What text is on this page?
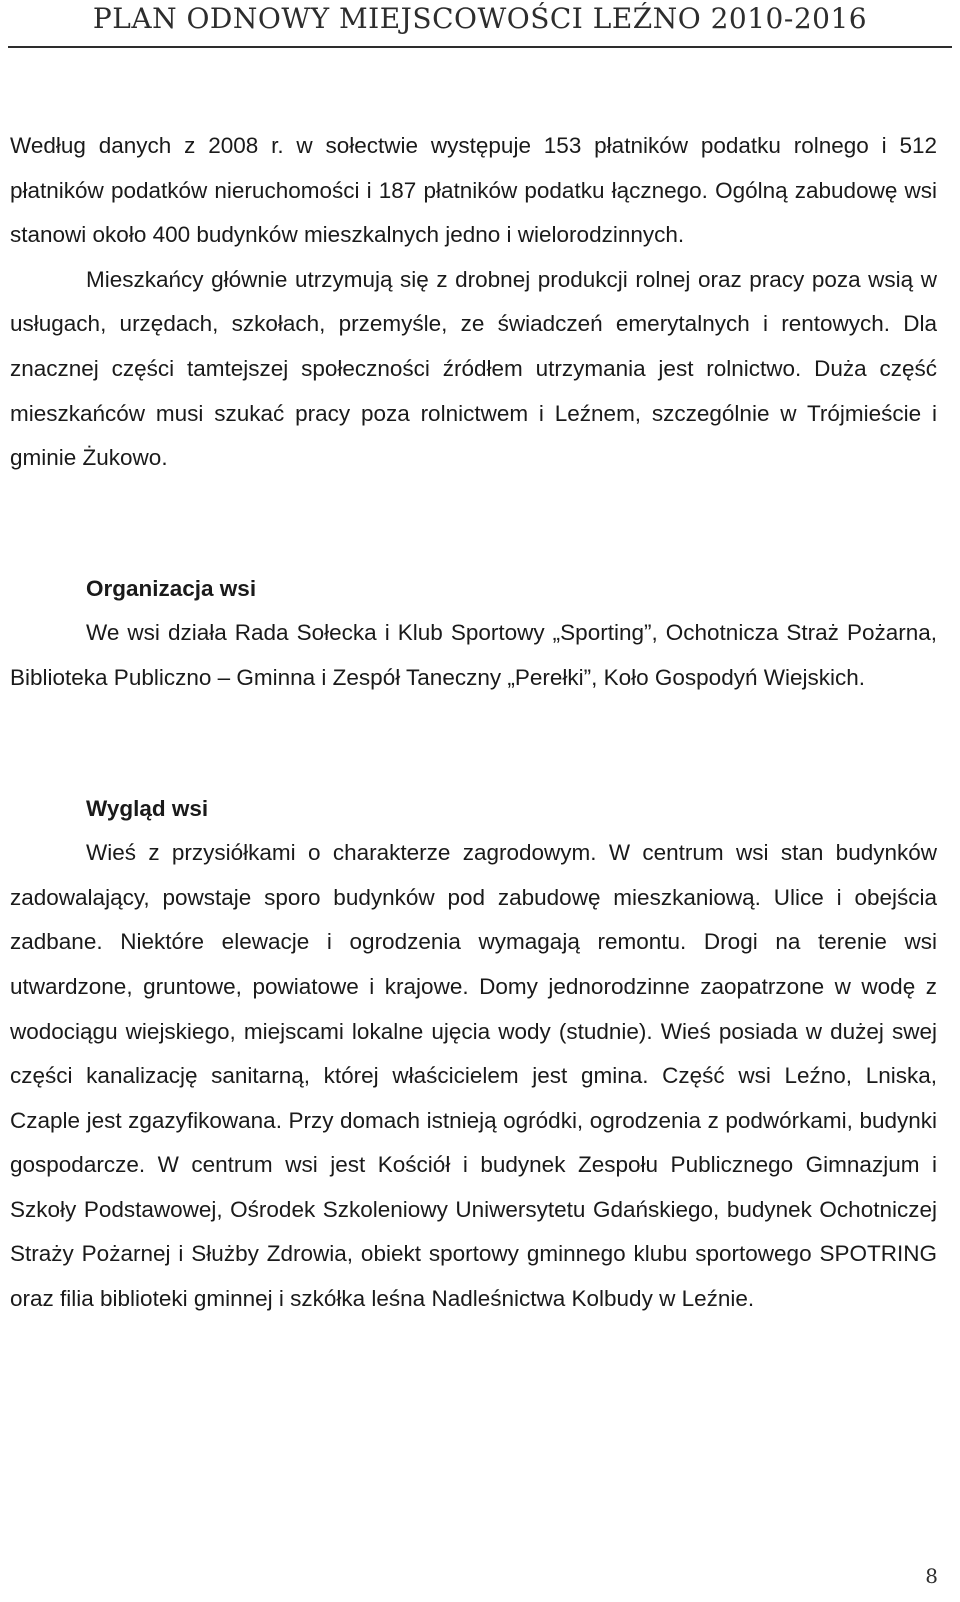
PLAN ODNOWY MIEJSCOWOŚCI LEŹNO 2010-2016

Według danych z 2008 r. w sołectwie występuje 153 płatników podatku rolnego i 512 płatników podatków nieruchomości i 187 płatników podatku łącznego. Ogólną zabudowę wsi stanowi około 400 budynków mieszkalnych jedno i wielorodzinnych.

Mieszkańcy głównie utrzymują się z drobnej produkcji rolnej oraz pracy poza wsią w usługach, urzędach, szkołach, przemyśle, ze świadczeń emerytalnych i rentowych. Dla znacznej części tamtejszej społeczności źródłem utrzymania jest rolnictwo. Duża część mieszkańców musi szukać pracy poza rolnictwem i Leźnem, szczególnie w Trójmieście i gminie Żukowo.

Organizacja wsi

We wsi działa Rada Sołecka i Klub Sportowy „Sporting”, Ochotnicza Straż Pożarna, Biblioteka Publiczno – Gminna i Zespół Taneczny „Perełki”, Koło Gospodyń Wiejskich.

Wygląd wsi

Wieś z przysiółkami o charakterze zagrodowym. W centrum wsi stan budynków zadowalający, powstaje sporo budynków pod zabudowę mieszkaniową. Ulice i obejścia zadbane. Niektóre elewacje i ogrodzenia wymagają remontu. Drogi na terenie wsi utwardzone, gruntowe, powiatowe i krajowe. Domy jednorodzinne zaopatrzone w wodę z wodociągu wiejskiego, miejscami lokalne ujęcia wody (studnie). Wieś posiada w dużej swej części kanalizację sanitarną, której właścicielem jest gmina. Część wsi Leźno, Lniska, Czaple jest zgazyfikowana. Przy domach istnieją ogródki, ogrodzenia z podwórkami, budynki gospodarcze. W centrum wsi jest Kościół i budynek Zespołu Publicznego Gimnazjum i Szkoły Podstawowej, Ośrodek Szkoleniowy Uniwersytetu Gdańskiego, budynek Ochotniczej Straży Pożarnej i Służby Zdrowia, obiekt sportowy gminnego klubu sportowego SPOTRING oraz filia biblioteki gminnej i szkółka leśna Nadleśnictwa Kolbudy w Leźnie.

8
